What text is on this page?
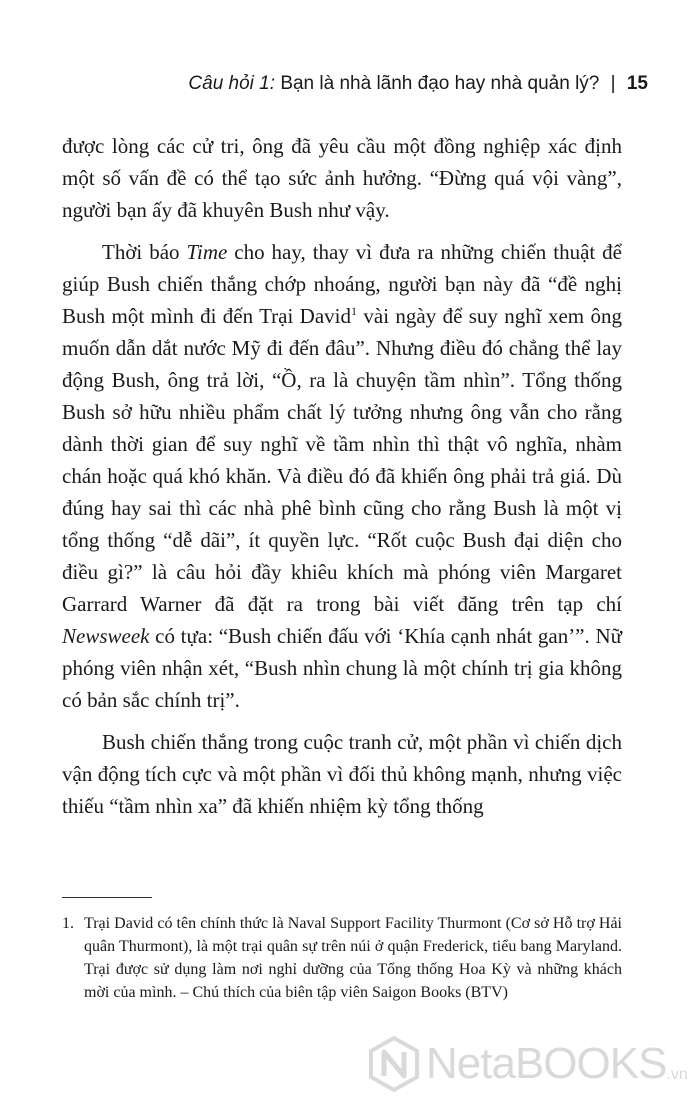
Câu hỏi 1: Bạn là nhà lãnh đạo hay nhà quản lý? | 15

được lòng các cử tri, ông đã yêu cầu một đồng nghiệp xác định một số vấn đề có thể tạo sức ảnh hưởng. “Đừng quá vội vàng”, người bạn ấy đã khuyên Bush như vậy.

Thời báo Time cho hay, thay vì đưa ra những chiến thuật để giúp Bush chiến thắng chớp nhoáng, người bạn này đã “đề nghị Bush một mình đi đến Trại David$^1$ vài ngày để suy nghĩ xem ông muốn dẫn dắt nước Mỹ đi đến đâu”. Nhưng điều đó chẳng thể lay động Bush, ông trả lời, “Ồ, ra là chuyện tầm nhìn”. Tổng thống Bush sở hữu nhiều phẩm chất lý tưởng nhưng ông vẫn cho rằng dành thời gian để suy nghĩ về tầm nhìn thì thật vô nghĩa, nhàm chán hoặc quá khó khăn. Và điều đó đã khiến ông phải trả giá. Dù đúng hay sai thì các nhà phê bình cũng cho rằng Bush là một vị tổng thống “dễ dãi”, ít quyền lực. “Rốt cuộc Bush đại diện cho điều gì?” là câu hỏi đầy khiêu khích mà phóng viên Margaret Garrard Warner đã đặt ra trong bài viết đăng trên tạp chí Newsweek có tựa: “Bush chiến đấu với ‘Khía cạnh nhát gan’”. Nữ phóng viên nhận xét, “Bush nhìn chung là một chính trị gia không có bản sắc chính trị”.

Bush chiến thắng trong cuộc tranh cử, một phần vì chiến dịch vận động tích cực và một phần vì đối thủ không mạnh, nhưng việc thiếu “tầm nhìn xa” đã khiến nhiệm kỳ tổng thống

1. Trại David có tên chính thức là Naval Support Facility Thurmont (Cơ sở Hỗ trợ Hải quân Thurmont), là một trại quân sự trên núi ở quận Frederick, tiểu bang Maryland. Trại được sử dụng làm nơi nghỉ dưỡng của Tổng thống Hoa Kỳ và những khách mời của mình. – Chú thích của biên tập viên Saigon Books (BTV)
NetaBOOKS .vn
